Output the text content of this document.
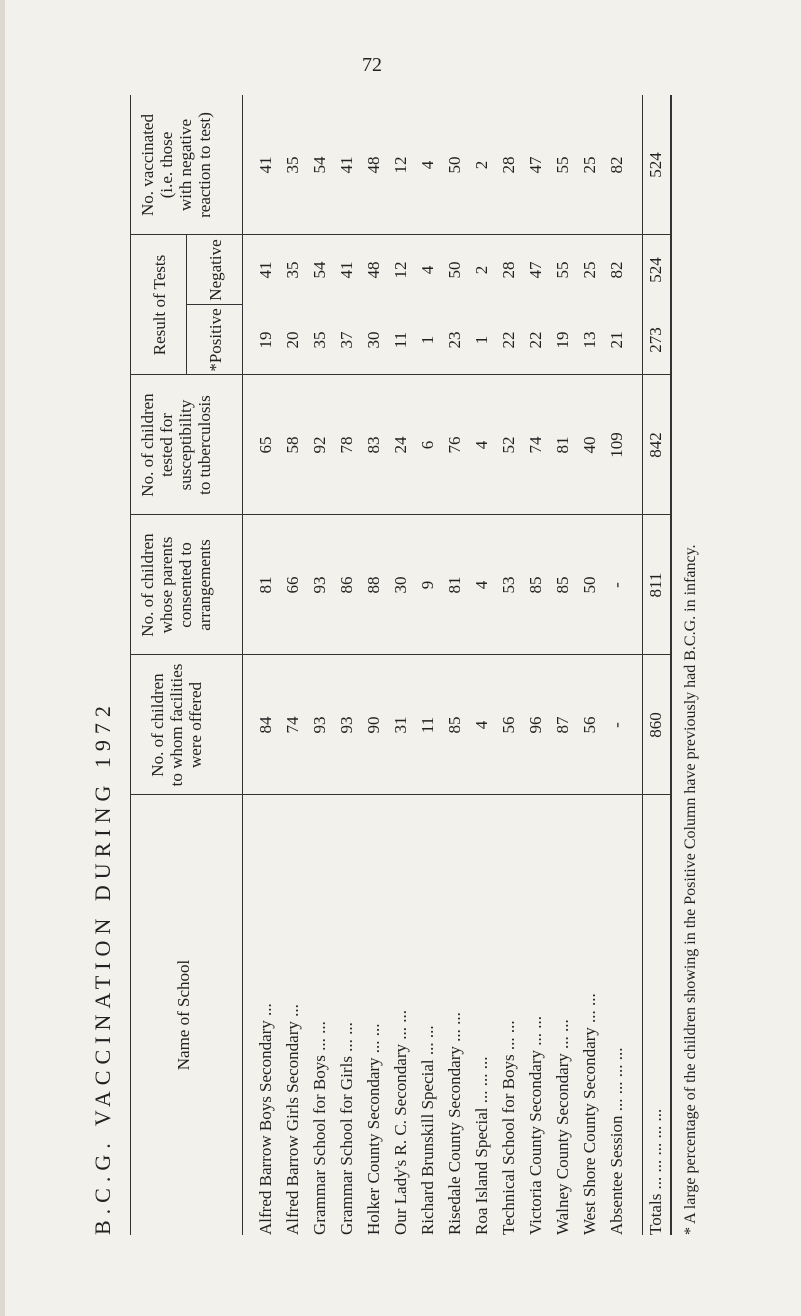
72
B.C.G. VACCINATION DURING 1972	Name of School
No. of children to whom facilities were offered
No. of children whose parents consented to arrangements
No. of children tested for susceptibility to tuberculosis
Result of Tests *Positive
Negative
No. vaccinated (i.e. those with negative reaction to test)
Alfred Barrow Boys Secondary ...
84
81
65
19
41
41
Alfred Barrow Girls Secondary ...
74
66
58
20
35
35
Grammar School for Boys ... ...
93
93
92
35
54
54
Grammar School for Girls ... ...
93
86
78
37
41
41
Holker County Secondary ... ...
90
88
83
30
48
48
Our Lady's R. C. Secondary ... ...
31
30
24
11
12
12
Richard Brunskill Special ... ...
11
9
6
1
4
4
Risedale County Secondary ... ...
85
81
76
23
50
50
Roa Island Special ... ... ...
4
4
4
1
2
2
Technical School for Boys ... ...
56
53
52
22
28
28
Victoria County Secondary ... ...
96
85
74
22
47
47
Walney County Secondary ... ...
87
85
81
19
55
55
West Shore County Secondary ... ...
56
50
40
13
25
25
Absentee Session ... ... ... ...
-
-
109
21
82
82
Totals ... ... ... ... ...
860
811
842
273
524
524
* A large percentage of the children showing in the Positive Column have previously had B.C.G. in infancy.
